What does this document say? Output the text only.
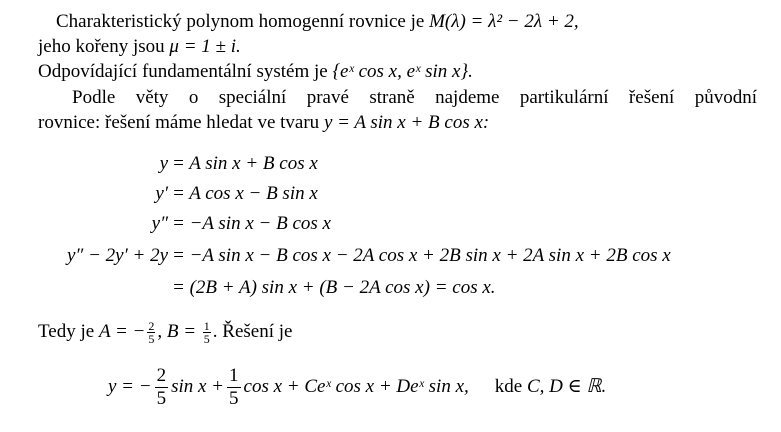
Charakteristický polynom homogenní rovnice je M(λ) = λ² − 2λ + 2,
jeho kořeny jsou μ = 1 ± i.
Odpovídající fundamentální systém je {eˣ cos x, eˣ sin x}.
Podle věty o speciální pravé straně najdeme partikulární řešení původní
rovnice: řešení máme hledat ve tvaru y = A sin x + B cos x:
y = A sin x + B cos x
y′ = A cos x − B sin x
y″ = −A sin x − B cos x
y″ − 2y′ + 2y = −A sin x − B cos x − 2A cos x + 2B sin x + 2A sin x + 2B cos x
= (2B + A) sin x + (B − 2A cos x) = cos x.
Tedy je A = − $\frac{2}{5}$ , $B = \frac{1}{5}$ . Řešení je
y = − $\frac{2}{5}$ $\sin x + \frac{1}{5}$ cos x + Ceˣ cos x + Deˣ sin x, kde C, D ∈ ℝ.
